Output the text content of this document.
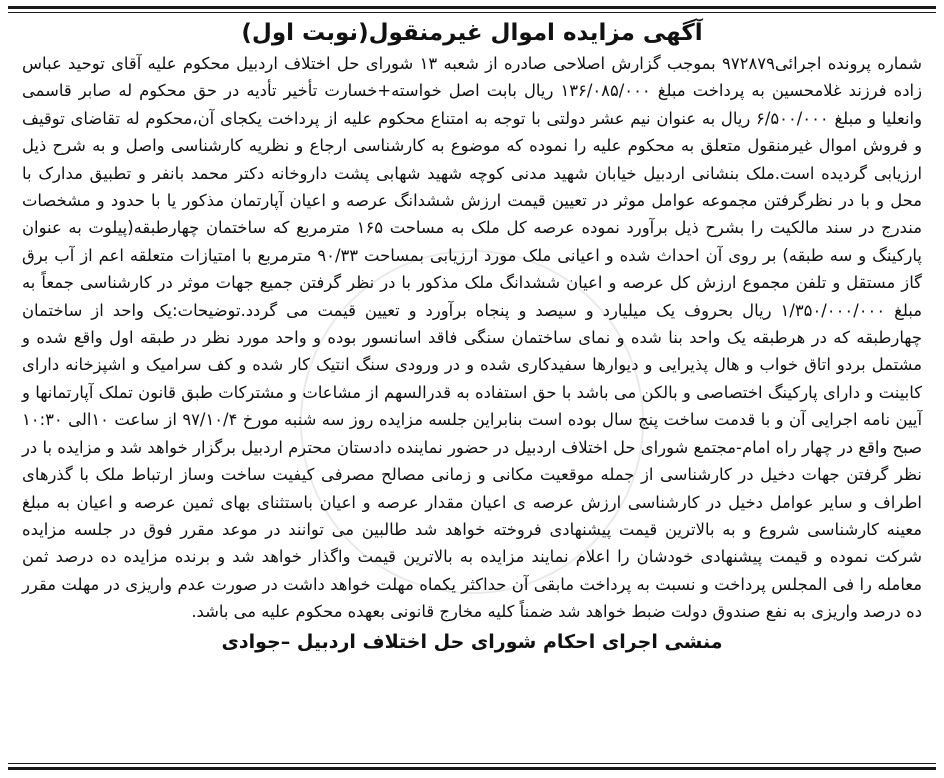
آگهی مزایده اموال غیرمنقول(نوبت اول)

شماره پرونده اجرائی۹۷۲۸۷۹ بموجب گزارش اصلاحی صادره از شعبه ۱۳ شورای حل اختلاف اردبیل محکوم علیه آقای توحید عباس زاده فرزند غلامحسین به پرداخت مبلغ ۱۳۶/۰۸۵/۰۰۰ ریال بابت اصل خواسته+خسارت تأخیر تأدیه در حق محکوم له صابر قاسمی وانعلیا و مبلغ ۶/۵۰۰/۰۰۰ ریال به عنوان نیم عشر دولتی با توجه به امتناع محکوم علیه از پرداخت یکجای آن،محکوم له تقاضای توقیف و فروش اموال غیرمنقول متعلق به محکوم علیه را نموده که موضوع به کارشناسی ارجاع و نظریه کارشناسی واصل و به شرح ذیل ارزیابی گردیده است.ملک بنشانی اردبیل خیابان شهید مدنی کوچه شهید شهابی پشت داروخانه دکتر محمد بانفر و تطبیق مدارک با محل و با در نظرگرفتن مجموعه عوامل موثر در تعیین قیمت ارزش ششدانگ عرصه و اعیان آپارتمان مذکور یا با حدود و مشخصات مندرج در سند مالکیت را بشرح ذیل برآورد نموده عرصه کل ملک به مساحت ۱۶۵ مترمربع که ساختمان چهارطبقه(پیلوت به عنوان پارکینگ و سه طبقه) بر روی آن احداث شده و اعیانی ملک مورد ارزیابی بمساحت ۹۰/۳۳ مترمربع با امتیازات متعلقه اعم از آب برق گاز مستقل و تلفن مجموع ارزش کل عرصه و اعیان ششدانگ ملک مذکور با در نظر گرفتن جمیع جهات موثر در کارشناسی جمعاً به مبلغ ۱/۳۵۰/۰۰۰/۰۰۰ ریال بحروف یک میلیارد و سیصد و پنجاه برآورد و تعیین قیمت می گردد.توضیحات:یک واحد از ساختمان چهارطبقه که در هرطبقه یک واحد بنا شده و نمای ساختمان سنگی فاقد اسانسور بوده و واحد مورد نظر در طبقه اول واقع شده و مشتمل بردو اتاق خواب و هال پذیرایی و دیوارها سفیدکاری شده و در ورودی سنگ انتیک کار شده و کف سرامیک و اشپزخانه دارای کابینت و دارای پارکینگ اختصاصی و بالکن می باشد با حق استفاده به قدرالسهم از مشاعات و مشترکات طبق قانون تملک آپارتمانها و آیین نامه اجرایی آن و با قدمت ساخت پنج سال بوده است بنابراین جلسه مزایده روز سه شنبه مورخ ۹۷/۱۰/۴ از ساعت ۱۰الی ۱۰:۳۰ صبح واقع در چهار راه امام-مجتمع شورای حل اختلاف اردبیل در حضور نماینده دادستان محترم اردبیل برگزار خواهد شد و مزایده با در نظر گرفتن جهات دخیل در کارشناسی از جمله موقعیت مکانی و زمانی مصالح مصرفی کیفیت ساخت وساز ارتباط ملک با گذرهای اطراف و سایر عوامل دخیل در کارشناسی ارزش عرصه ی اعیان مقدار عرصه و اعیان باستثنای بهای ثمین عرصه و اعیان به مبلغ معینه کارشناسی شروع و به بالاترین قیمت پیشنهادی فروخته خواهد شد طالبین می توانند در موعد مقرر فوق در جلسه مزایده شرکت نموده و قیمت پیشنهادی خودشان را اعلام نمایند مزایده به بالاترین قیمت واگذار خواهد شد و برنده مزایده ده درصد ثمن معامله را فی المجلس پرداخت و نسبت به پرداخت مابقی آن حداکثر یکماه مهلت خواهد داشت در صورت عدم واریزی در مهلت مقرر ده درصد واریزی به نفع صندوق دولت ضبط خواهد شد ضمناً کلیه مخارج قانونی بعهده محکوم علیه می باشد.

منشی اجرای احکام شورای حل اختلاف اردبیل –جوادی
